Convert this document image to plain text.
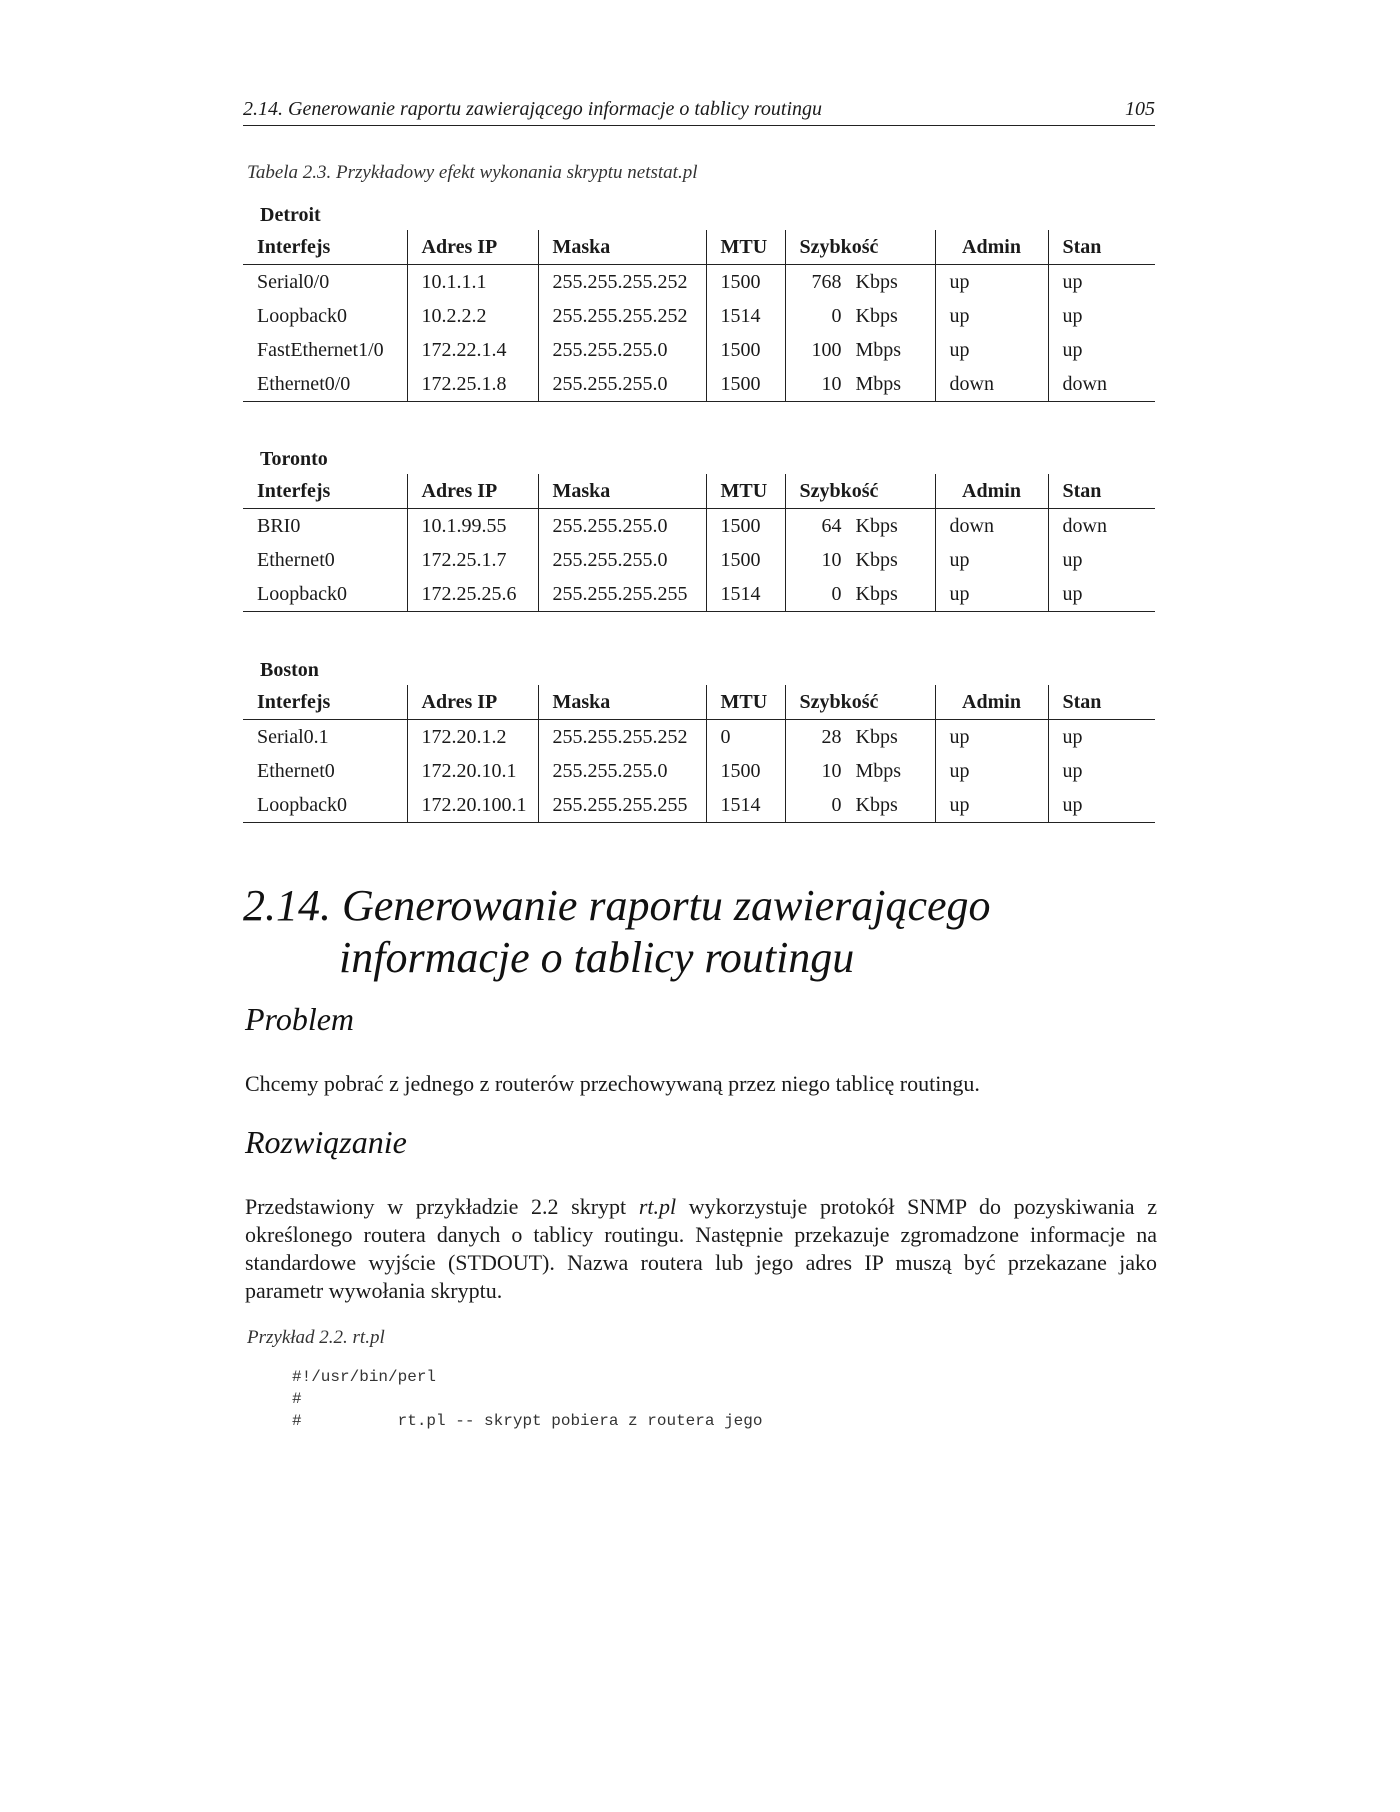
2.14. Generowanie raportu zawierającego informacje o tablicy routingu	105
Tabela 2.3. Przykładowy efekt wykonania skryptu netstat.pl
Detroit
Interfejs	Adres IP	Maska	MTU	Szybkość	Admin	Stan
Serial0/0	10.1.1.1	255.255.255.252	1500	768 Kbps	up	up
Loopback0	10.2.2.2	255.255.255.252	1514	0 Kbps	up	up
FastEthernet1/0	172.22.1.4	255.255.255.0	1500	100 Mbps	up	up
Ethernet0/0	172.25.1.8	255.255.255.0	1500	10 Mbps	down	down
Toronto
Interfejs	Adres IP	Maska	MTU	Szybkość	Admin	Stan
BRI0	10.1.99.55	255.255.255.0	1500	64 Kbps	down	down
Ethernet0	172.25.1.7	255.255.255.0	1500	10 Kbps	up	up
Loopback0	172.25.25.6	255.255.255.255	1514	0 Kbps	up	up
Boston
Interfejs	Adres IP	Maska	MTU	Szybkość	Admin	Stan
Serial0.1	172.20.1.2	255.255.255.252	0	28 Kbps	up	up
Ethernet0	172.20.10.1	255.255.255.0	1500	10 Mbps	up	up
Loopback0	172.20.100.1	255.255.255.255	1514	0 Kbps	up	up
2.14. Generowanie raportu zawierającego
informacje o tablicy routingu
Problem
Chcemy pobrać z jednego z routerów przechowywaną przez niego tablicę routingu.
Rozwiązanie
Przedstawiony w przykładzie 2.2 skrypt rt.pl wykorzystuje protokół SNMP do pozyskiwania z określonego routera danych o tablicy routingu. Następnie przekazuje zgromadzone informacje na standardowe wyjście (STDOUT). Nazwa routera lub jego adres IP muszą być przekazane jako parametr wywołania skryptu.
Przykład 2.2. rt.pl
#!/usr/bin/perl
#
#          rt.pl -- skrypt pobiera z routera jego
